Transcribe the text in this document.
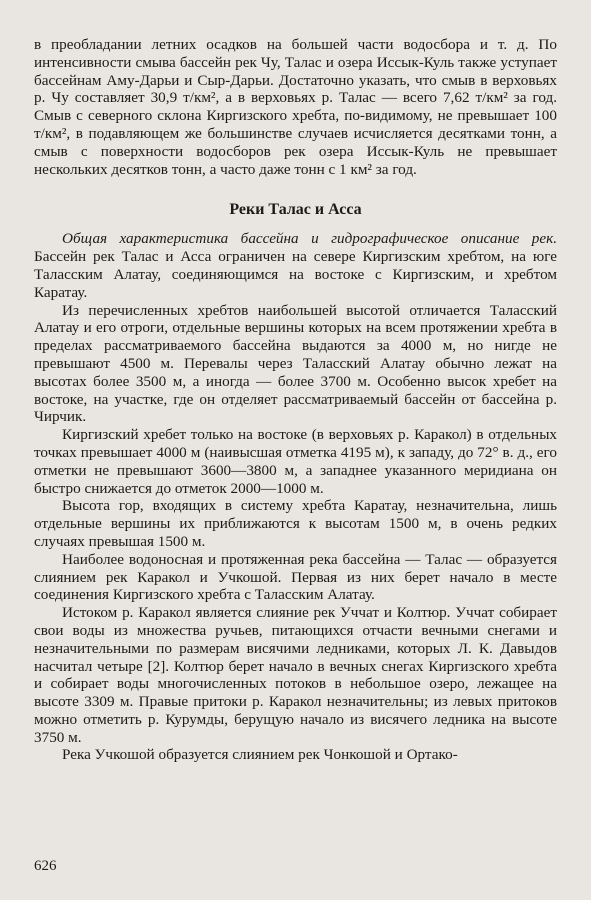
в преобладании летних осадков на большей части водосбора и т. д. По интенсивности смыва бассейн рек Чу, Талас и озера Иссык-Куль также уступает бассейнам Аму-Дарьи и Сыр-Дарьи. Достаточно указать, что смыв в верховьях р. Чу составляет 30,9 т/км², а в верховьях р. Талас — всего 7,62 т/км² за год. Смыв с северного склона Киргизского хребта, по-видимому, не превышает 100 т/км², в подавляющем же большинстве случаев исчисляется десятками тонн, а смыв с поверхности водосборов рек озера Иссык-Куль не превышает нескольких десятков тонн, а часто даже тонн с 1 км² за год.

Реки Талас и Асса

Общая характеристика бассейна и гидрографическое описание рек. Бассейн рек Талас и Асса ограничен на севере Киргизским хребтом, на юге Таласским Алатау, соединяющимся на востоке с Киргизским, и хребтом Каратау.

Из перечисленных хребтов наибольшей высотой отличается Таласский Алатау и его отроги, отдельные вершины которых на всем протяжении хребта в пределах рассматриваемого бассейна выдаются за 4000 м, но нигде не превышают 4500 м. Перевалы через Таласский Алатау обычно лежат на высотах более 3500 м, а иногда — более 3700 м. Особенно высок хребет на востоке, на участке, где он отделяет рассматриваемый бассейн от бассейна р. Чирчик.

Киргизский хребет только на востоке (в верховьях р. Каракол) в отдельных точках превышает 4000 м (наивысшая отметка 4195 м), к западу, до 72° в. д., его отметки не превышают 3600—3800 м, а западнее указанного меридиана он быстро снижается до отметок 2000—1000 м.

Высота гор, входящих в систему хребта Каратау, незначительна, лишь отдельные вершины их приближаются к высотам 1500 м, в очень редких случаях превышая 1500 м.

Наиболее водоносная и протяженная река бассейна — Талас — образуется слиянием рек Каракол и Учкошой. Первая из них берет начало в месте соединения Киргизского хребта с Таласским Алатау.

Истоком р. Каракол является слияние рек Уччат и Колтюр. Уччат собирает свои воды из множества ручьев, питающихся отчасти вечными снегами и незначительными по размерам висячими ледниками, которых Л. К. Давыдов насчитал четыре [2]. Колтюр берет начало в вечных снегах Киргизского хребта и собирает воды многочисленных потоков в небольшое озеро, лежащее на высоте 3309 м. Правые притоки р. Каракол незначительны; из левых притоков можно отметить р. Курумды, берущую начало из висячего ледника на высоте 3750 м.

Река Учкошой образуется слиянием рек Чонкошой и Ортако-

626
